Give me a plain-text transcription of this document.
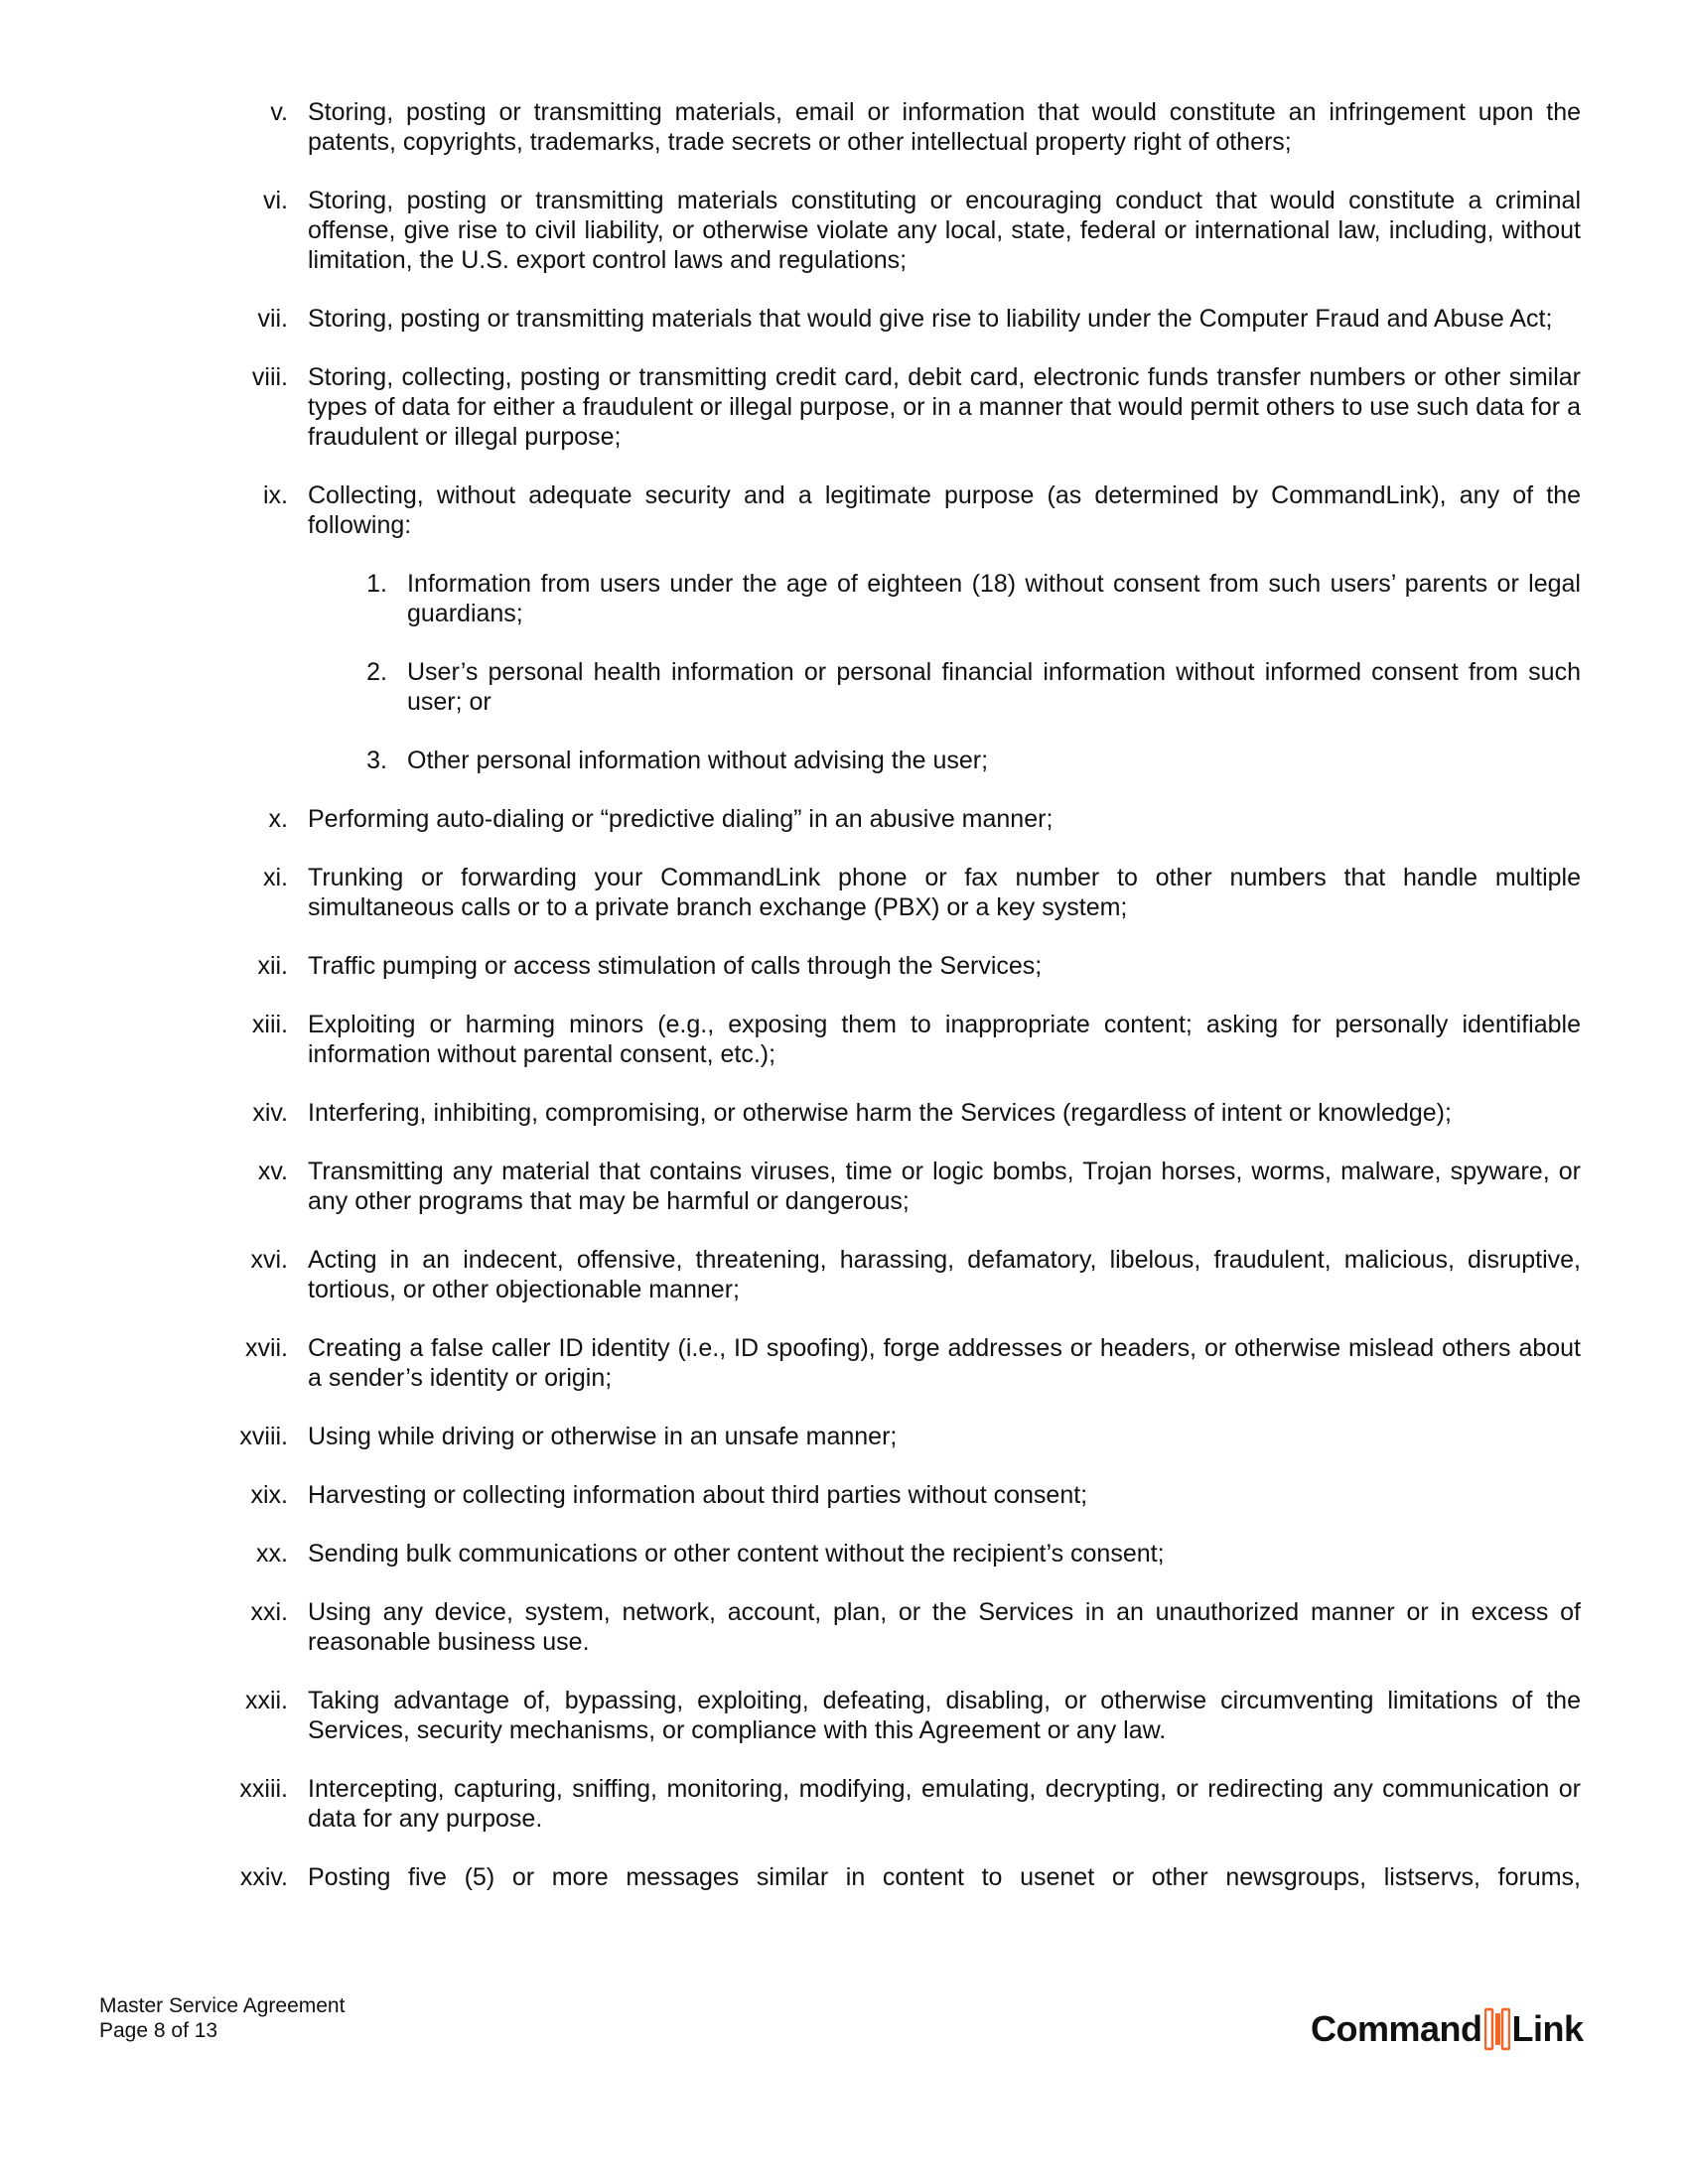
v. Storing, posting or transmitting materials, email or information that would constitute an infringement upon the patents, copyrights, trademarks, trade secrets or other intellectual property right of others;
vi. Storing, posting or transmitting materials constituting or encouraging conduct that would constitute a criminal offense, give rise to civil liability, or otherwise violate any local, state, federal or international law, including, without limitation, the U.S. export control laws and regulations;
vii. Storing, posting or transmitting materials that would give rise to liability under the Computer Fraud and Abuse Act;
viii. Storing, collecting, posting or transmitting credit card, debit card, electronic funds transfer numbers or other similar types of data for either a fraudulent or illegal purpose, or in a manner that would permit others to use such data for a fraudulent or illegal purpose;
ix. Collecting, without adequate security and a legitimate purpose (as determined by CommandLink), any of the following:
1. Information from users under the age of eighteen (18) without consent from such users’ parents or legal guardians;
2. User’s personal health information or personal financial information without informed consent from such user; or
3. Other personal information without advising the user;
x. Performing auto-dialing or “predictive dialing” in an abusive manner;
xi. Trunking or forwarding your CommandLink phone or fax number to other numbers that handle multiple simultaneous calls or to a private branch exchange (PBX) or a key system;
xii. Traffic pumping or access stimulation of calls through the Services;
xiii. Exploiting or harming minors (e.g., exposing them to inappropriate content; asking for personally identifiable information without parental consent, etc.);
xiv. Interfering, inhibiting, compromising, or otherwise harm the Services (regardless of intent or knowledge);
xv. Transmitting any material that contains viruses, time or logic bombs, Trojan horses, worms, malware, spyware, or any other programs that may be harmful or dangerous;
xvi. Acting in an indecent, offensive, threatening, harassing, defamatory, libelous, fraudulent, malicious, disruptive, tortious, or other objectionable manner;
xvii. Creating a false caller ID identity (i.e., ID spoofing), forge addresses or headers, or otherwise mislead others about a sender’s identity or origin;
xviii. Using while driving or otherwise in an unsafe manner;
xix. Harvesting or collecting information about third parties without consent;
xx. Sending bulk communications or other content without the recipient’s consent;
xxi. Using any device, system, network, account, plan, or the Services in an unauthorized manner or in excess of reasonable business use.
xxii. Taking advantage of, bypassing, exploiting, defeating, disabling, or otherwise circumventing limitations of the Services, security mechanisms, or compliance with this Agreement or any law.
xxiii. Intercepting, capturing, sniffing, monitoring, modifying, emulating, decrypting, or redirecting any communication or data for any purpose.
xxiv. Posting five (5) or more messages similar in content to usenet or other newsgroups, listservs, forums,
Master Service Agreement
Page 8 of 13	Command Link
